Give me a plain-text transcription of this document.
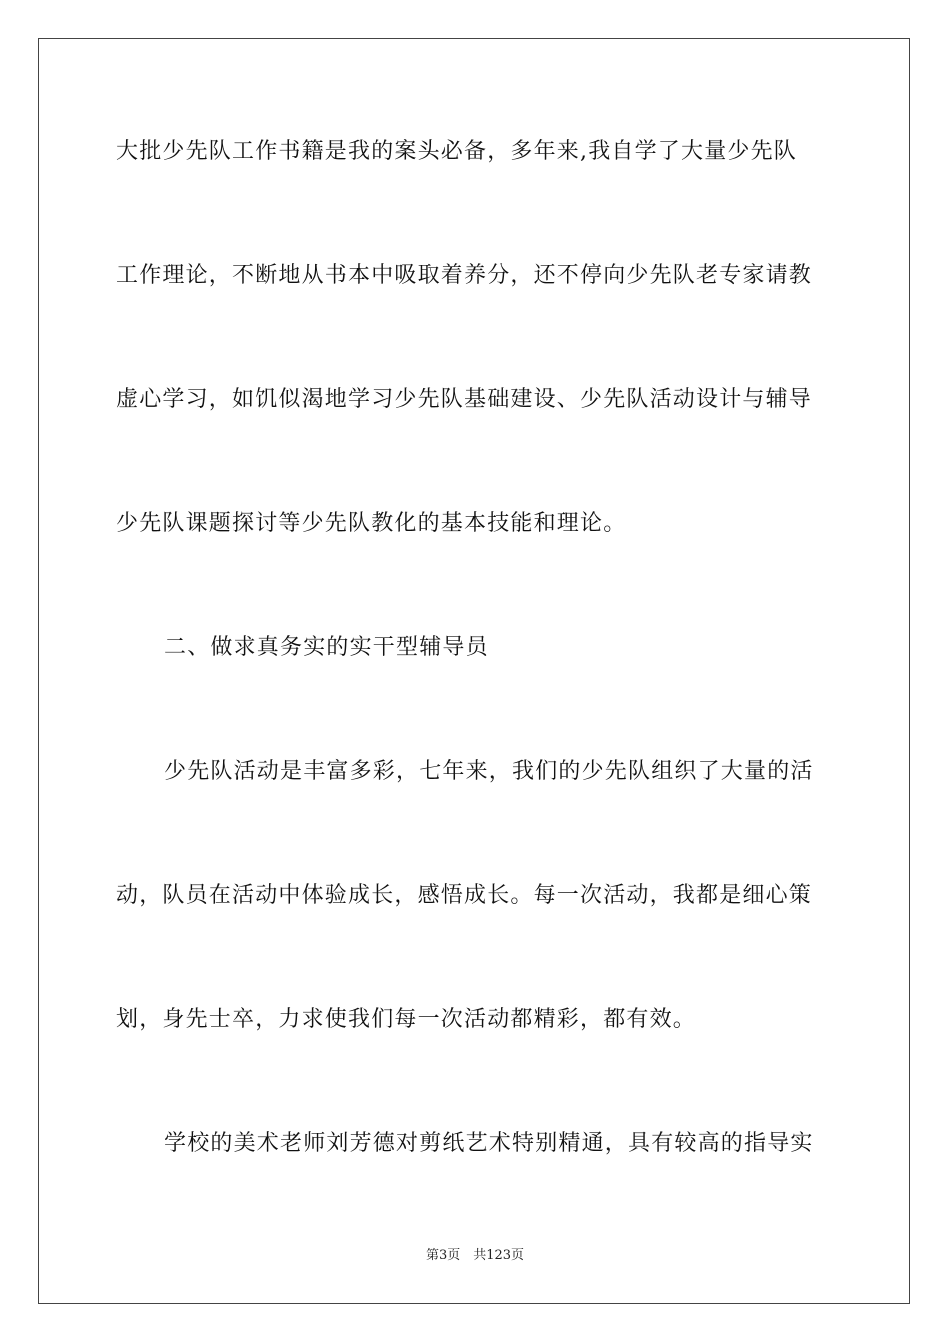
大批少先队工作书籍是我的案头必备，多年来,我自学了大量少先队
工作理论，不断地从书本中吸取着养分，还不停向少先队老专家请教
虚心学习，如饥似渴地学习少先队基础建设、少先队活动设计与辅导
少先队课题探讨等少先队教化的基本技能和理论。
二、做求真务实的实干型辅导员
少先队活动是丰富多彩，七年来，我们的少先队组织了大量的活
动，队员在活动中体验成长，感悟成长。每一次活动，我都是细心策
划，身先士卒，力求使我们每一次活动都精彩，都有效。
学校的美术老师刘芳德对剪纸艺术特别精通，具有较高的指导实
第3页　共123页
